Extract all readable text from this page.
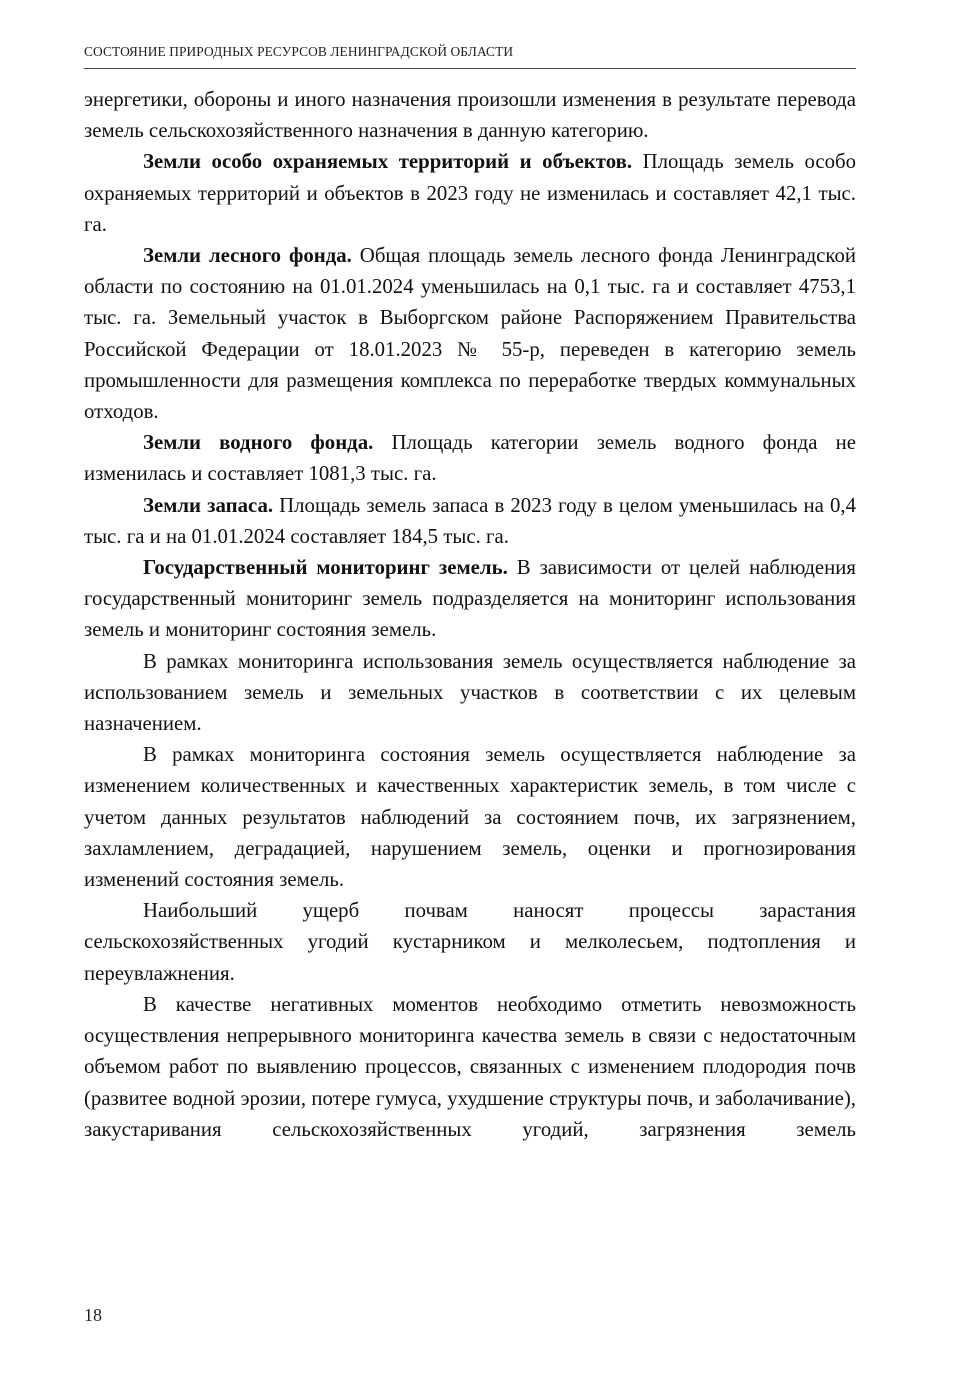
СОСТОЯНИЕ ПРИРОДНЫХ РЕСУРСОВ ЛЕНИНГРАДСКОЙ ОБЛАСТИ

энергетики, обороны и иного назначения произошли изменения в результате перевода земель сельскохозяйственного назначения в данную категорию.

Земли особо охраняемых территорий и объектов. Площадь земель особо охраняемых территорий и объектов в 2023 году не изменилась и составляет 42,1 тыс. га.

Земли лесного фонда. Общая площадь земель лесного фонда Ленинградской области по состоянию на 01.01.2024 уменьшилась на 0,1 тыс. га и составляет 4753,1 тыс. га. Земельный участок в Выборгском районе Распоряжением Правительства Российской Федерации от 18.01.2023 № 55-р, переведен в категорию земель промышленности для размещения комплекса по переработке твердых коммунальных отходов.

Земли водного фонда. Площадь категории земель водного фонда не изменилась и составляет 1081,3 тыс. га.

Земли запаса. Площадь земель запаса в 2023 году в целом уменьшилась на 0,4 тыс. га и на 01.01.2024 составляет 184,5 тыс. га.

Государственный мониторинг земель. В зависимости от целей наблюдения государственный мониторинг земель подразделяется на мониторинг использования земель и мониторинг состояния земель.

В рамках мониторинга использования земель осуществляется наблюдение за использованием земель и земельных участков в соответствии с их целевым назначением.

В рамках мониторинга состояния земель осуществляется наблюдение за изменением количественных и качественных характеристик земель, в том числе с учетом данных результатов наблюдений за состоянием почв, их загрязнением, захламлением, деградацией, нарушением земель, оценки и прогнозирования изменений состояния земель.

Наибольший ущерб почвам наносят процессы зарастания сельскохозяйственных угодий кустарником и мелколесьем, подтопления и переувлажнения.

В качестве негативных моментов необходимо отметить невозможность осуществления непрерывного мониторинга качества земель в связи с недостаточным объемом работ по выявлению процессов, связанных с изменением плодородия почв (развитее водной эрозии, потере гумуса, ухудшение структуры почв, и заболачивание), закустаривания сельскохозяйственных угодий, загрязнения земель

18
